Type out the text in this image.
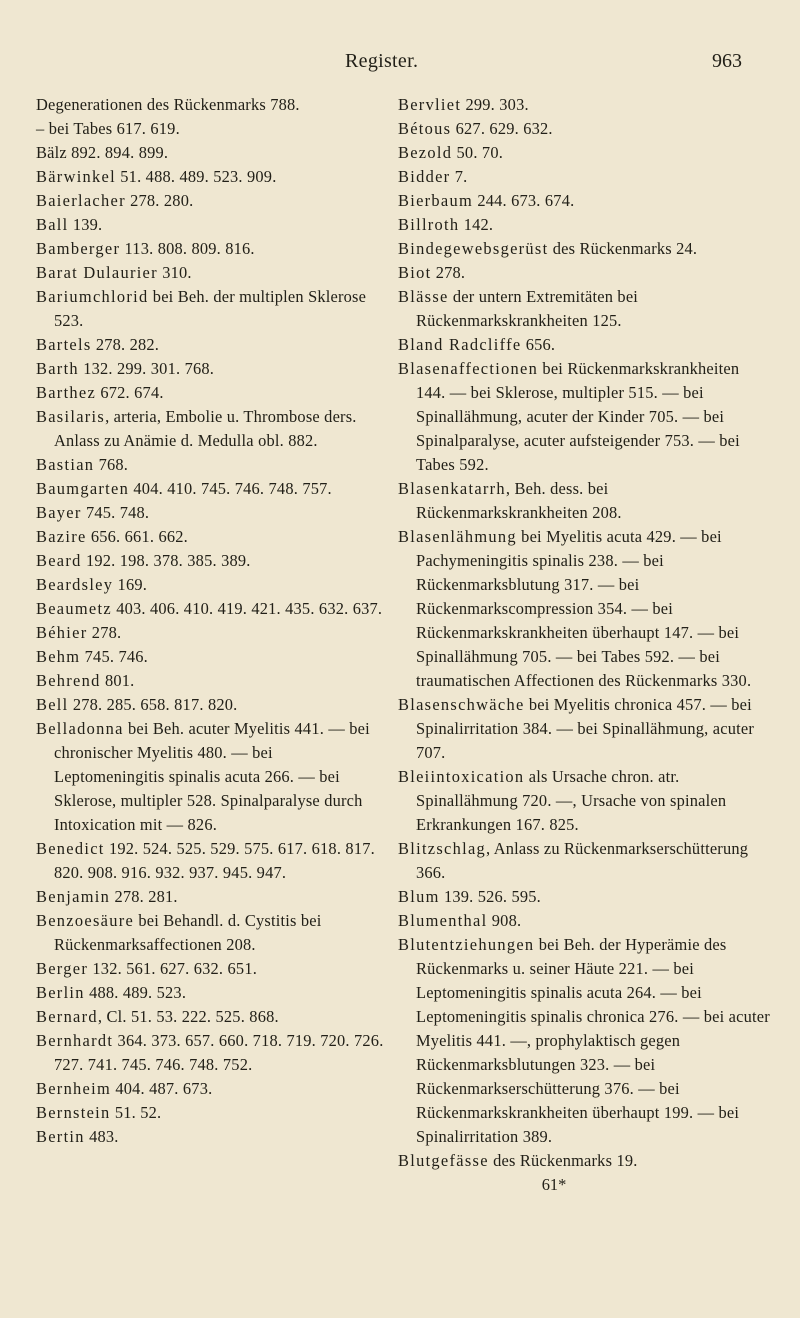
Register.	963

Degenerationen des Rückenmarks 788.

– bei Tabes 617. 619.

Bälz 892. 894. 899.

Bärwinkel 51. 488. 489. 523. 909.

Baierlacher 278. 280.

Ball 139.

Bamberger 113. 808. 809. 816.

Barat Dulaurier 310.

Bariumchlorid bei Beh. der multiplen Sklerose 523.

Bartels 278. 282.

Barth 132. 299. 301. 768.

Barthez 672. 674.

Basilaris, arteria, Embolie u. Thrombose ders. Anlass zu Anämie d. Medulla obl. 882.

Bastian 768.

Baumgarten 404. 410. 745. 746. 748. 757.

Bayer 745. 748.

Bazire 656. 661. 662.

Beard 192. 198. 378. 385. 389.

Beardsley 169.

Beaumetz 403. 406. 410. 419. 421. 435. 632. 637.

Béhier 278.

Behm 745. 746.

Behrend 801.

Bell 278. 285. 658. 817. 820.

Belladonna bei Beh. acuter Myelitis 441. — bei chronischer Myelitis 480. — bei Leptomeningitis spinalis acuta 266. — bei Sklerose, multipler 528. Spinalparalyse durch Intoxication mit — 826.

Benedict 192. 524. 525. 529. 575. 617. 618. 817. 820. 908. 916. 932. 937. 945. 947.

Benjamin 278. 281.

Benzoesäure bei Behandl. d. Cystitis bei Rückenmarksaffectionen 208.

Berger 132. 561. 627. 632. 651.

Berlin 488. 489. 523.

Bernard, Cl. 51. 53. 222. 525. 868.

Bernhardt 364. 373. 657. 660. 718. 719. 720. 726. 727. 741. 745. 746. 748. 752.

Bernheim 404. 487. 673.

Bernstein 51. 52.

Bertin 483.

Bervliet 299. 303.

Bétous 627. 629. 632.

Bezold 50. 70.

Bidder 7.

Bierbaum 244. 673. 674.

Billroth 142.

Bindegewebsgerüst des Rückenmarks 24.

Biot 278.

Blässe der untern Extremitäten bei Rückenmarkskrankheiten 125.

Bland Radcliffe 656.

Blasenaffectionen bei Rückenmarkskrankheiten 144. — bei Sklerose, multipler 515. — bei Spinallähmung, acuter der Kinder 705. — bei Spinalparalyse, acuter aufsteigender 753. — bei Tabes 592.

Blasenkatarrh, Beh. dess. bei Rückenmarkskrankheiten 208.

Blasenlähmung bei Myelitis acuta 429. — bei Pachymeningitis spinalis 238. — bei Rückenmarksblutung 317. — bei Rückenmarkscompression 354. — bei Rückenmarkskrankheiten überhaupt 147. — bei Spinallähmung 705. — bei Tabes 592. — bei traumatischen Affectionen des Rückenmarks 330.

Blasenschwäche bei Myelitis chronica 457. — bei Spinalirritation 384. — bei Spinallähmung, acuter 707.

Bleiintoxication als Ursache chron. atr. Spinallähmung 720. —, Ursache von spinalen Erkrankungen 167. 825.

Blitzschlag, Anlass zu Rückenmarkserschütterung 366.

Blum 139. 526. 595.

Blumenthal 908.

Blutentziehungen bei Beh. der Hyperämie des Rückenmarks u. seiner Häute 221. — bei Leptomeningitis spinalis acuta 264. — bei Leptomeningitis spinalis chronica 276. — bei acuter Myelitis 441. —, prophylaktisch gegen Rückenmarksblutungen 323. — bei Rückenmarkserschütterung 376. — bei Rückenmarkskrankheiten überhaupt 199. — bei Spinalirritation 389.

Blutgefässe des Rückenmarks 19.

61*
